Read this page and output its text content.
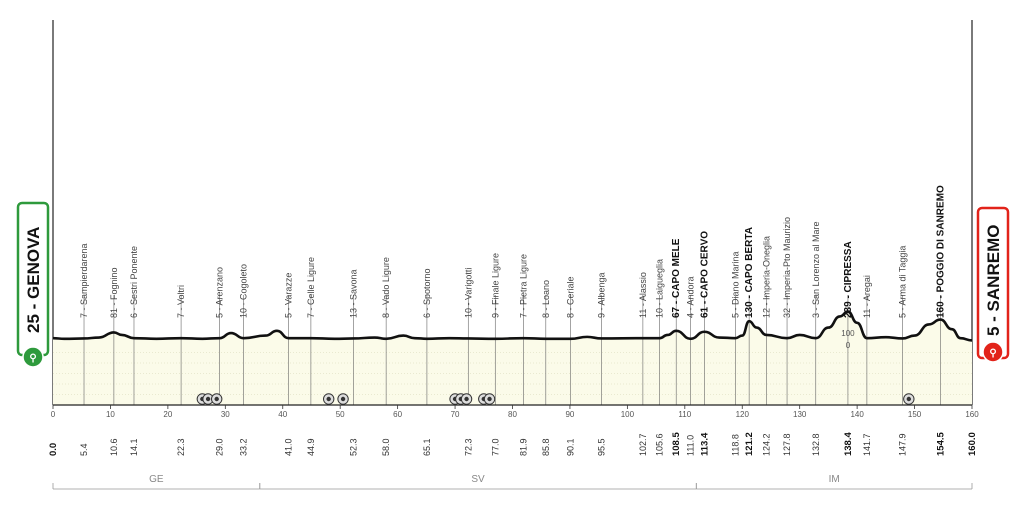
100
0
0	10	20	30	40	50	60	70	80	90	100	110	120	130	140	150	160
7 - Sampierdarena 81 - Fognino 6 - Sestri Ponente	7 - Voltri	5 - Arenzano 10 - Cogoleto	5 - Varazze 7 - Celle Ligure	13 - Savona	8 - Vado Ligure	6 - Spotorno	10 - Varigotti 9 - Finale Ligure 7 - Pietra Ligure 8 - Loano 8 - Ceriale 9 - Albenga	11 - Alassio 10 - Laigueglia 67 - CAPO MELE 4 - Andora 61 - CAPO CERVO 5 - Diano Marina 130 - CAPO BERTA 12 - Imperia-Oneglia 32 - Imperia-Pto Maurizio 3 - San Lorenzo al Mare 239 - CIPRESSA 11 - Aregai	5 - Arma di Taggia	160 - POGGIO DI SANREMO
0.0 5.4 10.6 14.1	22.3	29.0 33.2	41.0 44.9	52.3	58.0	65.1	72.3 77.0 81.9 85.8 90.1 95.5	102.7 105.6 108.5 111.0 113.4 118.8 121.2 124.2 127.8 132.8 138.4 141.7	147.9	154.5 160.0
GE	SV	IM
25 - GENOVA
⚲
5 - SANREMO
⚲
